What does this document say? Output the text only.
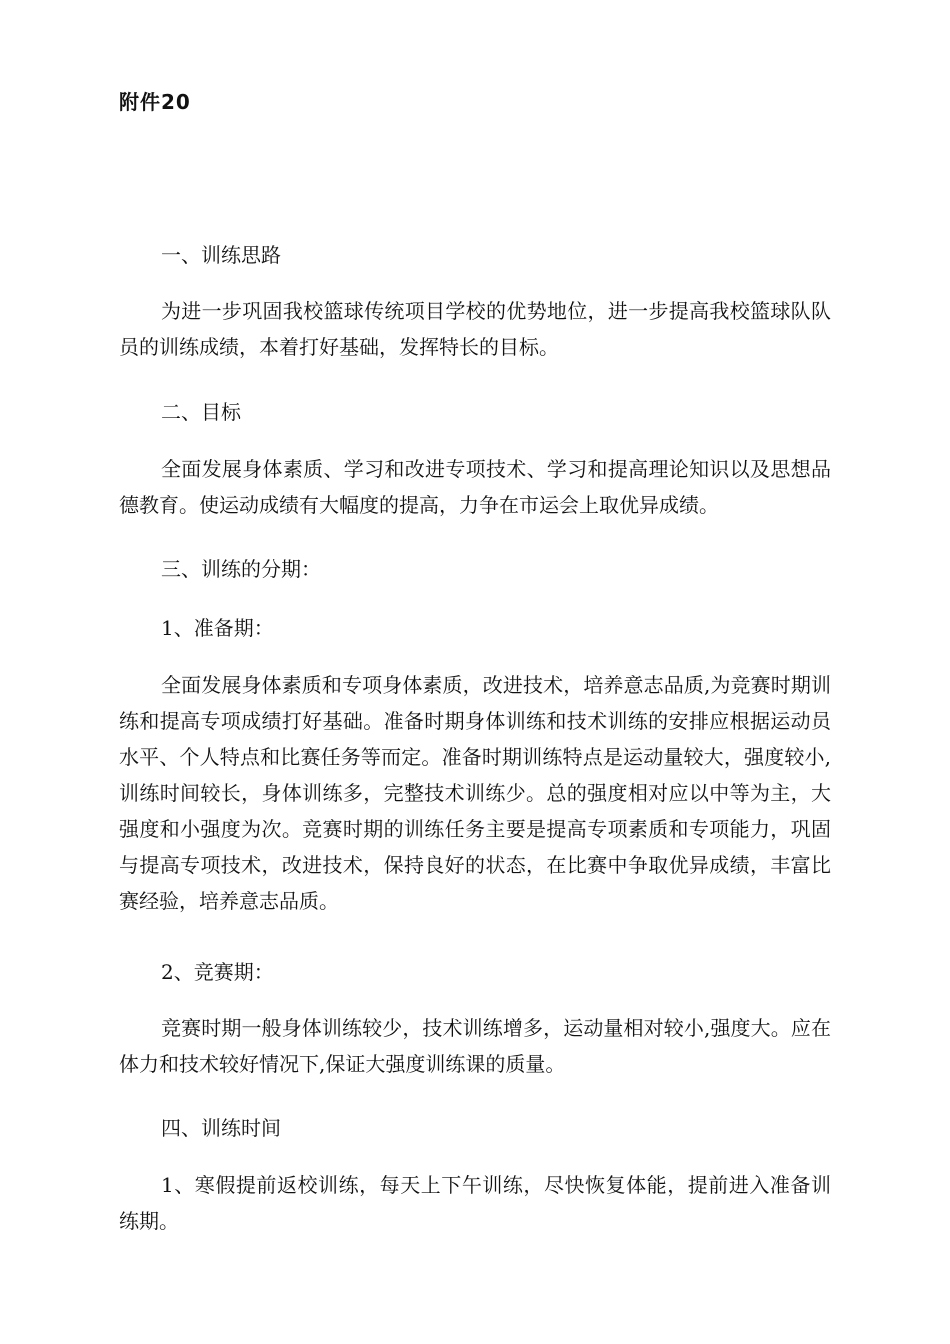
附件20

一、训练思路

为进一步巩固我校篮球传统项目学校的优势地位，进一步提高我校篮球队队员的训练成绩，本着打好基础，发挥特长的目标。

二、目标

全面发展身体素质、学习和改进专项技术、学习和提高理论知识以及思想品德教育。使运动成绩有大幅度的提高，力争在市运会上取优异成绩。

三、训练的分期：

1、准备期：

全面发展身体素质和专项身体素质，改进技术，培养意志品质,为竞赛时期训练和提高专项成绩打好基础。准备时期身体训练和技术训练的安排应根据运动员水平、个人特点和比赛任务等而定。准备时期训练特点是运动量较大，强度较小,训练时间较长，身体训练多，完整技术训练少。总的强度相对应以中等为主，大强度和小强度为次。竞赛时期的训练任务主要是提高专项素质和专项能力，巩固与提高专项技术，改进技术，保持良好的状态，在比赛中争取优异成绩，丰富比赛经验，培养意志品质。

2、竞赛期：

竞赛时期一般身体训练较少，技术训练增多，运动量相对较小,强度大。应在体力和技术较好情况下,保证大强度训练课的质量。

四、训练时间

1、寒假提前返校训练，每天上下午训练，尽快恢复体能，提前进入准备训练期。
